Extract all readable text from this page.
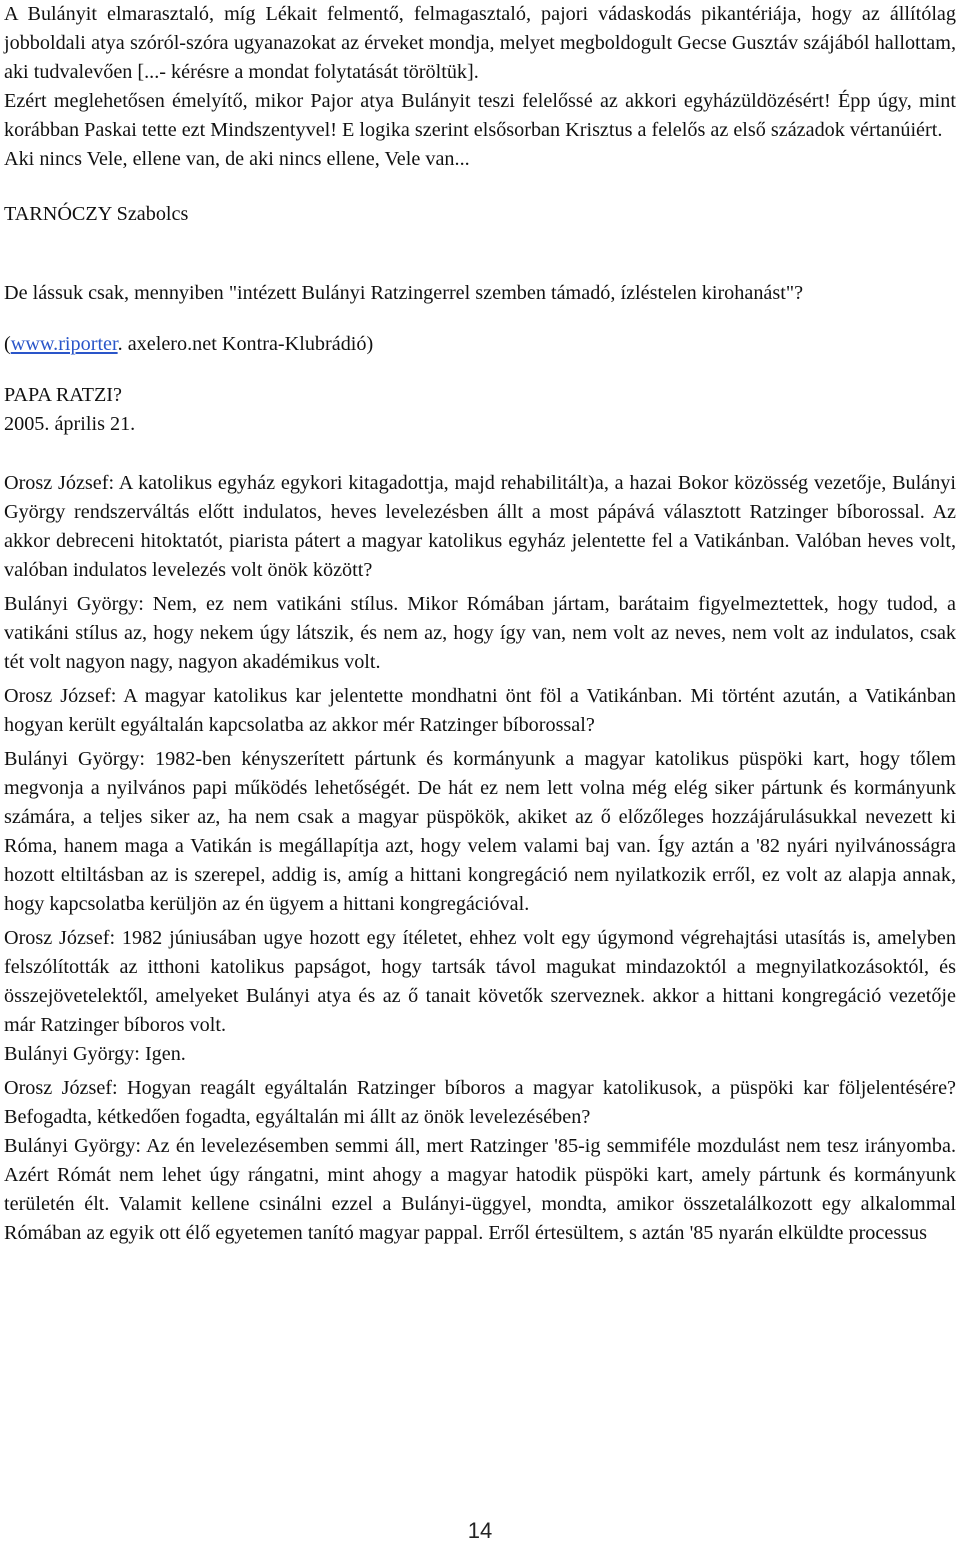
A Bulányit elmarasztaló, míg Lékait felmentő, felmagasztaló, pajori vádaskodás pikantériája, hogy az állítólag jobboldali atya szóról-szóra ugyanazokat az érveket mondja, melyet megboldogult Gecse Gusztáv szájából hallottam, aki tudvalevően [...- kérésre a mondat folytatását töröltük].

Ezért meglehetősen émelyítő, mikor Pajor atya Bulányit teszi felelőssé az akkori egyházüldözésért! Épp úgy, mint korábban Paskai tette ezt Mindszentyvel! E logika szerint elsősorban Krisztus a felelős az első századok vértanúiért.

Aki nincs Vele, ellene van, de aki nincs ellene, Vele van...

TARNÓCZY Szabolcs

De lássuk csak, mennyiben "intézett Bulányi Ratzingerrel szemben támadó, ízléstelen kirohanást"?

(www.riporter. axelero.net Kontra-Klubrádió)

PAPA RATZI?

2005. április 21.

Orosz József: A katolikus egyház egykori kitagadottja, majd rehabilitált)a, a hazai Bokor közösség vezetője, Bulányi György rendszerváltás előtt indulatos, heves levelezésben állt a most pápává választott Ratzinger bíborossal. Az akkor debreceni hitoktatót, piarista pátert a magyar katolikus egyház jelentette fel a Vatikánban. Valóban heves volt, valóban indulatos levelezés volt önök között?

Bulányi György: Nem, ez nem vatikáni stílus. Mikor Rómában jártam, barátaim figyelmeztettek, hogy tudod, a vatikáni stílus az, hogy nekem úgy látszik, és nem az, hogy így van, nem volt az neves, nem volt az indulatos, csak tét volt nagyon nagy, nagyon akadémikus volt.

Orosz József: A magyar katolikus kar jelentette mondhatni önt föl a Vatikánban. Mi történt azután, a Vatikánban hogyan került egyáltalán kapcsolatba az akkor mér Ratzinger bíborossal?

Bulányi György: 1982-ben kényszerített pártunk és kormányunk a magyar katolikus püspöki kart, hogy tőlem megvonja a nyilvános papi működés lehetőségét. De hát ez nem lett volna még elég siker pártunk és kormányunk számára, a teljes siker az, ha nem csak a magyar püspökök, akiket az ő előzőleges hozzájárulásukkal nevezett ki Róma, hanem maga a Vatikán is megállapítja azt, hogy velem valami baj van. Így aztán a '82 nyári nyilvánosságra hozott eltiltásban az is szerepel, addig is, amíg a hittani kongregáció nem nyilatkozik erről, ez volt az alapja annak, hogy kapcsolatba kerüljön az én ügyem a hittani kongregációval.

Orosz József: 1982 júniusában ugye hozott egy ítéletet, ehhez volt egy úgymond végrehajtási utasítás is, amelyben felszólították az itthoni katolikus papságot, hogy tartsák távol magukat mindazoktól a megnyilatkozásoktól, és összejövetelektől, amelyeket Bulányi atya és az ő tanait követők szerveznek. akkor a hittani kongregáció vezetője már Ratzinger bíboros volt.

Bulányi György: Igen.

Orosz József: Hogyan reagált egyáltalán Ratzinger bíboros a magyar katolikusok, a püspöki kar följelentésére? Befogadta, kétkedően fogadta, egyáltalán mi állt az önök levelezésében?

Bulányi György: Az én levelezésemben semmi áll, mert Ratzinger '85-ig semmiféle mozdulást nem tesz irányomba. Azért Rómát nem lehet úgy rángatni, mint ahogy a magyar hatodik püspöki kart, amely pártunk és kormányunk területén élt. Valamit kellene csinálni ezzel a Bulányi-üggyel, mondta, amikor összetalálkozott egy alkalommal Rómában az egyik ott élő egyetemen tanító magyar pappal. Erről értesültem, s aztán '85 nyarán elküldte processus

14
